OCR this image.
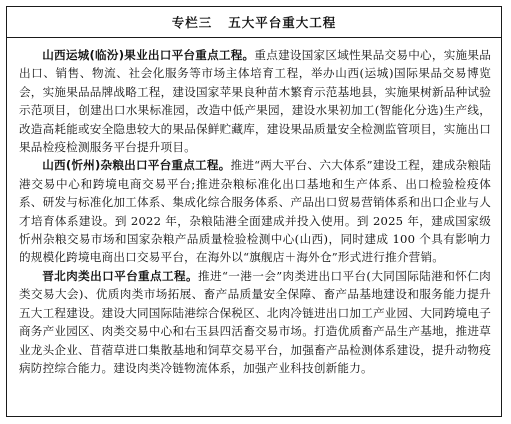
专栏三 五大平台重大工程

山西运城(临汾)果业出口平台重点工程。重点建设国家区域性果品交易中心，实施果品出口、销售、物流、社会化服务等市场主体培育工程，举办山西(运城)国际果品交易博览会，实施果品品牌战略工程，建设国家苹果良种苗木繁育示范基地县，实施果树新品种试验示范项目，创建出口水果标准园，改造中低产果园，建设水果初加工(智能化分选)生产线，改造高耗能或安全隐患较大的果品保鲜贮藏库，建设果品质量安全检测监管项目，实施出口果品检疫检测服务平台提升项目。

山西(忻州)杂粮出口平台重点工程。推进“两大平台、六大体系”建设工程，建成杂粮陆港交易中心和跨境电商交易平台;推进杂粮标准化出口基地和生产体系、出口检验检疫体系、研发与标准化加工体系、集成化综合服务体系、产品出口贸易营销体系和出口企业与人才培育体系建设。到 2022 年，杂粮陆港全面建成并投入使用。到 2025 年，建成国家级忻州杂粮交易市场和国家杂粮产品质量检验检测中心(山西)，同时建成 100 个具有影响力的规模化跨境电商出口交易平台，在海外以“旗舰店＋海外仓”形式进行推介营销。

晋北肉类出口平台重点工程。推进“一港一会”肉类进出口平台(大同国际陆港和怀仁肉类交易大会)、优质肉类市场拓展、畜产品质量安全保障、畜产品基地建设和服务能力提升五大工程建设。建设大同国际陆港综合保税区、北肉冷链进出口加工产业园、大同跨境电子商务产业园区、肉类交易中心和右玉县四活畜交易市场。打造优质畜产品生产基地，推进草业龙头企业、苜蓿草进口集散基地和饲草交易平台，加强畜产品检测体系建设，提升动物疫病防控综合能力。建设肉类冷链物流体系，加强产业科技创新能力。
